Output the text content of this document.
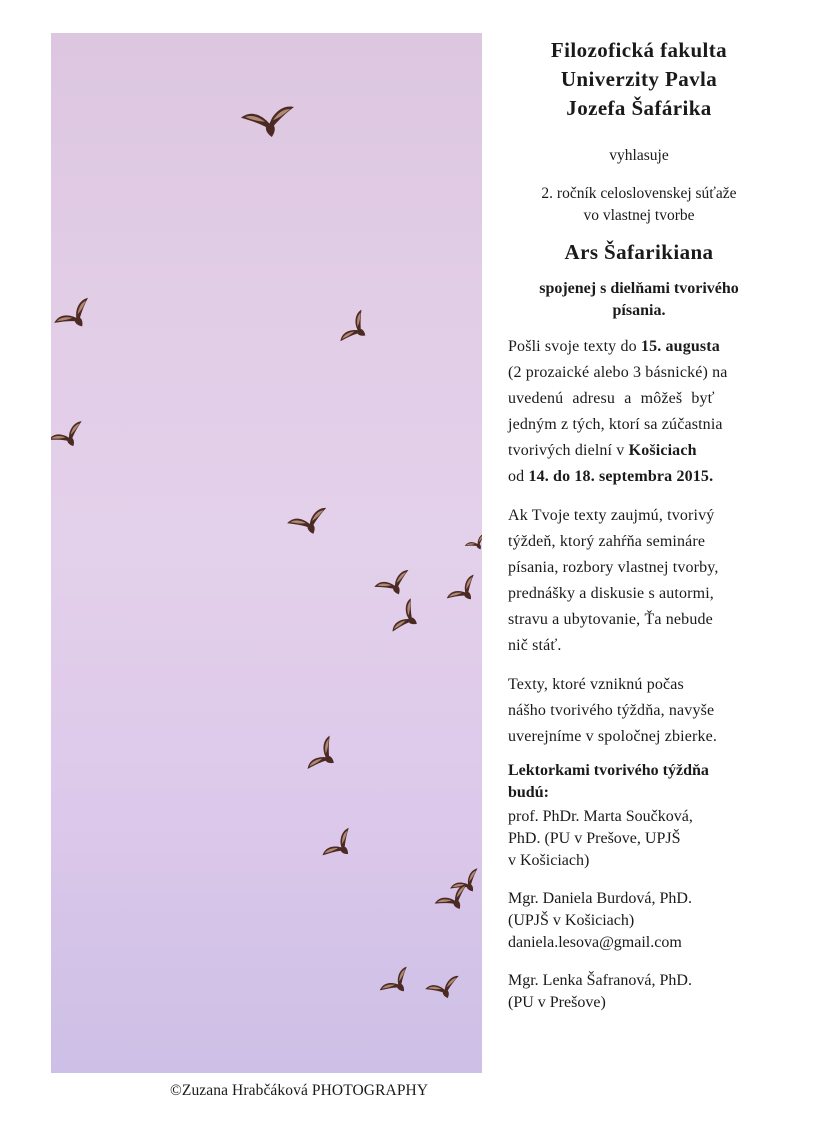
©Zuzana Hrabčáková PHOTOGRAPHY
Filozofická fakulta
Univerzity Pavla
Jozefa Šafárika
vyhlasuje
2. ročník celoslovenskej súťaže
vo vlastnej tvorbe
Ars Šafarikiana
spojenej s dielňami tvorivého
písania.
Pošli svoje texty do 15. augusta
(2 prozaické alebo 3 básnické) na
uvedenú adresu a môžeš byť
jedným z tých, ktorí sa zúčastnia
tvorivých dielní v Košiciach
od 14. do 18. septembra 2015.
Ak Tvoje texty zaujmú, tvorivý
týždeň, ktorý zahŕňa semináre
písania, rozbory vlastnej tvorby,
prednášky a diskusie s autormi,
stravu a ubytovanie, Ťa nebude
nič stáť.
Texty, ktoré vzniknú počas
nášho tvorivého týždňa, navyše
uverejníme v spoločnej zbierke.
Lektorkami tvorivého týždňa
budú:
prof. PhDr. Marta Součková,
PhD. (PU v Prešove, UPJŠ
v Košiciach)
Mgr. Daniela Burdová, PhD.
(UPJŠ v Košiciach)
daniela.lesova@gmail.com
Mgr. Lenka Šafranová, PhD.
(PU v Prešove)
